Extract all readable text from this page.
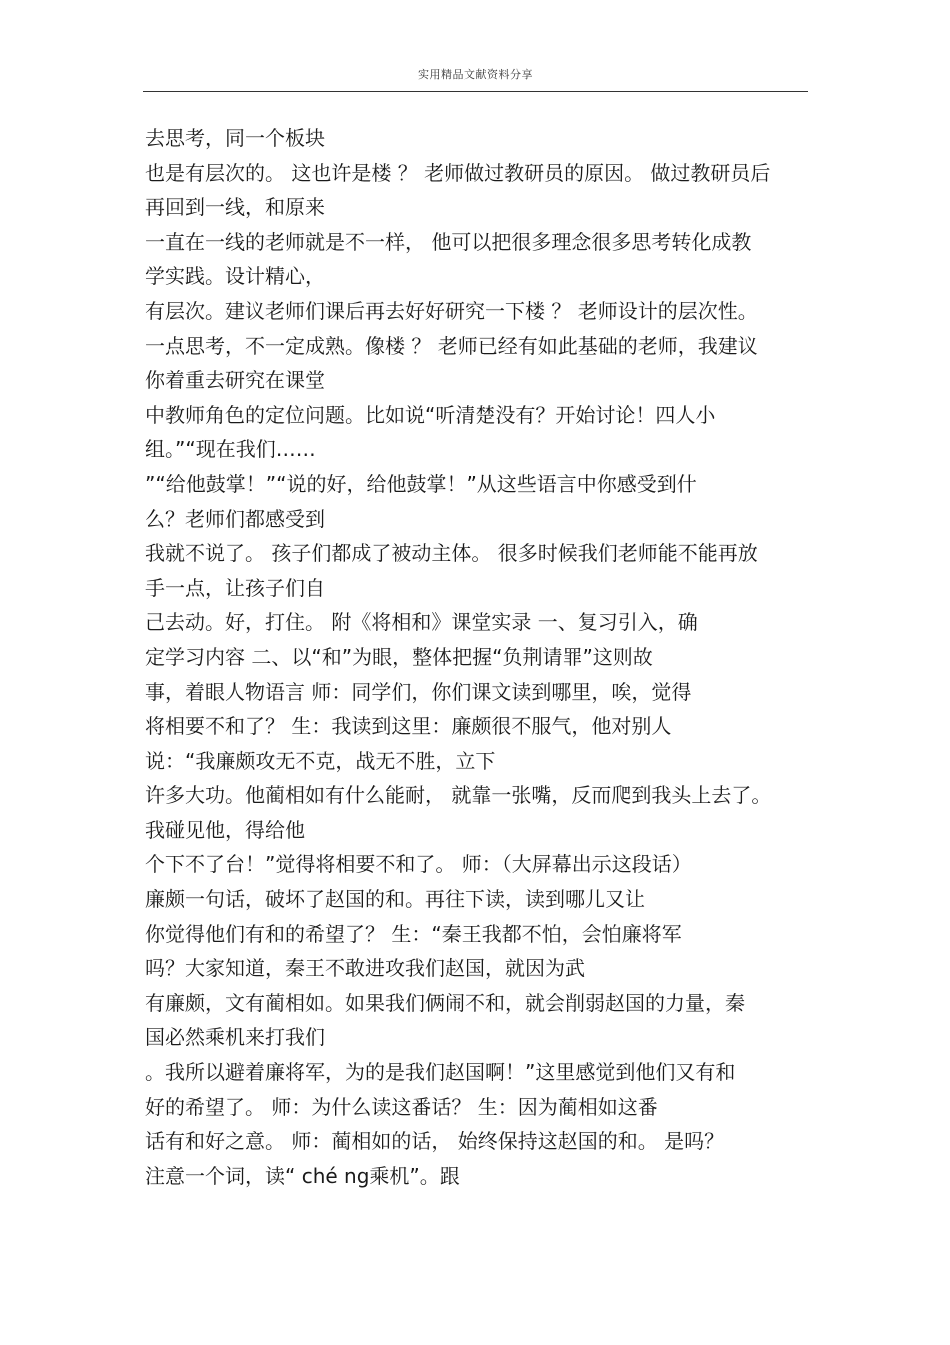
实用精品文献资料分享
去思考，同一个板块
也是有层次的。 这也许是楼 ？ 老师做过教研员的原因。 做过教研员后
再回到一线，和原来
一直在一线的老师就是不一样， 他可以把很多理念很多思考转化成教
学实践。设计精心，
有层次。建议老师们课后再去好好研究一下楼 ？ 老师设计的层次性。
一点思考，不一定成熟。像楼 ？ 老师已经有如此基础的老师，我建议
你着重去研究在课堂
中教师角色的定位问题。比如说“听清楚没有？开始讨论！四人小
组。”“现在我们……
”“给他鼓掌！”“说的好，给他鼓掌！”从这些语言中你感受到什
么？老师们都感受到
我就不说了。 孩子们都成了被动主体。 很多时候我们老师能不能再放
手一点，让孩子们自
己去动。好，打住。 附《将相和》课堂实录 一、复习引入，确
定学习内容 二、以“和”为眼，整体把握“负荆请罪”这则故
事，着眼人物语言 师：同学们，你们课文读到哪里，唉，觉得
将相要不和了？ 生：我读到这里：廉颇很不服气，他对别人
说：“我廉颇攻无不克，战无不胜，立下
许多大功。他蔺相如有什么能耐， 就靠一张嘴，反而爬到我头上去了。
我碰见他，得给他
个下不了台！”觉得将相要不和了。 师：（大屏幕出示这段话）
廉颇一句话，破坏了赵国的和。再往下读，读到哪儿又让
你觉得他们有和的希望了？ 生：“秦王我都不怕，会怕廉将军
吗？大家知道，秦王不敢进攻我们赵国，就因为武
有廉颇，文有蔺相如。如果我们俩闹不和，就会削弱赵国的力量，秦
国必然乘机来打我们
。我所以避着廉将军，为的是我们赵国啊！”这里感觉到他们又有和
好的希望了。 师：为什么读这番话？ 生：因为蔺相如这番
话有和好之意。 师：蔺相如的话， 始终保持这赵国的和。 是吗？
注意一个词，读“ ché ng乘机”。跟
